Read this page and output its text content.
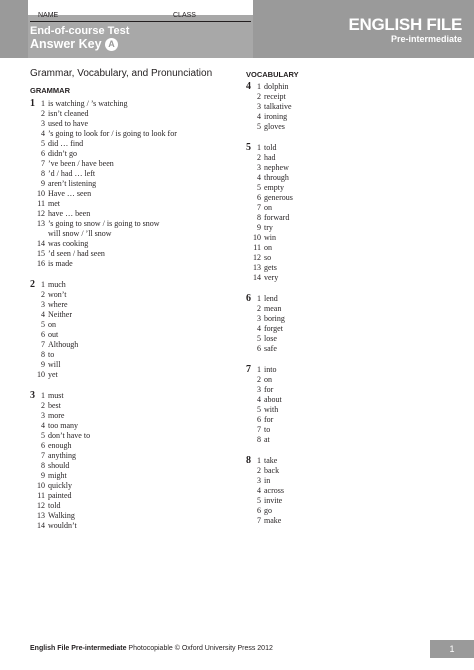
NAME	CLASS
End-of-course Test
Answer Key A
ENGLISH FILE
Pre-intermediate
Grammar, Vocabulary, and Pronunciation
GRAMMAR
VOCABULARY
1 1 is watching / ’s watching
2 isn’t cleaned
3 used to have
4 ’s going to look for / is going to look for
5 did … find
6 didn’t go
7 ’ve been / have been
8 ’d / had … left
9 aren’t listening
10 Have … seen
11 met
12 have … been
13 ’s going to snow / is going to snow
will snow / ’ll snow
14 was cooking
15 ’d seen / had seen
16 is made
2 1 much
2 won’t
3 where
4 Neither
5 on
6 out
7 Although
8 to
9 will
10 yet
3 1 must
2 best
3 more
4 too many
5 don’t have to
6 enough
7 anything
8 should
9 might
10 quickly
11 painted
12 told
13 Walking
14 wouldn’t
4 1 dolphin
2 receipt
3 talkative
4 ironing
5 gloves
5 1 told
2 had
3 nephew
4 through
5 empty
6 generous
7 on
8 forward
9 try
10 win
11 on
12 so
13 gets
14 very
6 1 lend
2 mean
3 boring
4 forget
5 lose
6 safe
7 1 into
2 on
3 for
4 about
5 with
6 for
7 to
8 at
8 1 take
2 back
3 in
4 across
5 invite
6 go
7 make
English File Pre-intermediate Photocopiable © Oxford University Press 2012	1
